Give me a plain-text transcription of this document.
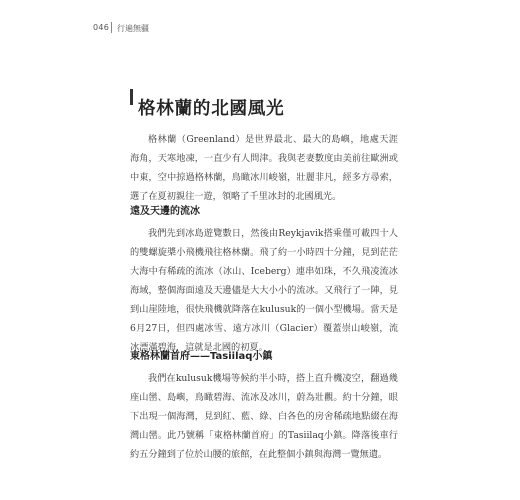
046 行遍無疆
格林蘭的北國風光

格林蘭（Greenland）是世界最北、最大的島嶼，地處天涯海角，天寒地凍，一直少有人問津。我與老妻數度由美前往歐洲或中東，空中掠過格林蘭，鳥瞰冰川峻嶺，壯麗非凡，經多方尋索，選了在夏初親往一遊，領略了千里冰封的北國風光。

遠及天邊的流冰

我們先到冰島遊覽數日，然後由Reykjavik搭乘僅可載四十人的雙螺旋槳小飛機飛往格林蘭。飛了約一小時四十分鐘，見到茫茫大海中有稀疏的流冰（冰山、Iceberg）連串如珠，不久飛凌流冰海域，整個海面遠及天邊儘是大大小小的流冰。又飛行了一陣，見到山崖陸地，很快飛機就降落在kulusuk的一個小型機場。當天是6月27日，但四處冰雪、遠方冰川（Glacier）覆蓋崇山峻嶺，流冰漂滿碧海，這就是北國的初夏。

東格林蘭首府——Tasiilaq小鎮

我們在kulusuk機場等候約半小時，搭上直升機凌空，翻過幾座山巒、島嶼，鳥瞰碧海、流冰及冰川，蔚為壯觀。約十分鐘，眼下出現一個海灣，見到紅、藍、綠、白各色的房舍稀疏地點綴在海灣山巒。此乃號稱「東格林蘭首府」的Tasiilaq小鎮。降落後車行約五分鐘到了位於山腰的旅館，在此整個小鎮與海灣一覽無遺。
